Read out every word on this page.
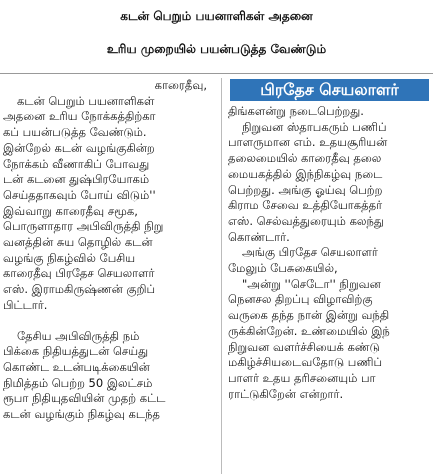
கடன் பெறும் பயனாளிகள் அதனை
உரிய முறையில் பயன்படுத்த வேண்டும்

காரைதீவு,

கடன் பெறும் பயனாளிகள்

அதனை உரிய நோக்கத்திற்கா

கப் பயன்படுத்த வேண்டும்.

இன்றேல் கடன் வழங்குகின்ற

நோக்கம் வீணாகிப் போவது

டன் கடனை துஷ்பிரயோகம்

செய்ததாகவும் போய் விடும்''

இவ்வாறு காரைதீவு சமூக,

பொருளாதார அபிவிருத்தி நிறு

வனத்தின் சுய தொழில் கடன்

வழங்கு நிகழ்வில் பேசிய

காரைதீவு பிரதேச செயலாளர்

எஸ். இராமகிருஷ்ணன் குறிப்

பிட்டார்.

தேசிய அபிவிருத்தி நம்

பிக்கை நிதியத்துடன் செய்து

கொண்ட உடன்படிக்கையின்

நிமித்தம் பெற்ற 50 இலட்சம்

ரூபா நிதியுதவியின் முதற் கட்ட

கடன் வழங்கும் நிகழ்வு கடந்த

பிரதேச செயலாளர்

திங்களன்று நடைபெற்றது.

நிறுவன ஸ்தாபகரும் பணிப்

பாளருமான எம். உதயசூரியன்

தலைமையில் காரைதீவு தலை

மையகத்தில் இந்நிகழ்வு நடை

பெற்றது. அங்கு ஓய்வு பெற்ற

கிராம சேவை உத்தியோகத்தர்

எஸ். செல்வத்துரையும் கலந்து

கொண்டார்.

அங்கு பிரதேச செயலாளர்

மேலும் பேசுகையில்,

"அன்று ''செடோ'' நிறுவன

நெனசல திறப்பு விழாவிற்கு

வருகை தந்த நான் இன்று வந்தி

ருக்கின்றேன். உண்மையில் இந்

நிறுவன வளர்ச்சியைக் கண்டு

மகிழ்ச்சியடைவதோடு பணிப்

பாளர் உதய தரிசனையும் பா

ராட்டுகிறேன் என்றார்.
